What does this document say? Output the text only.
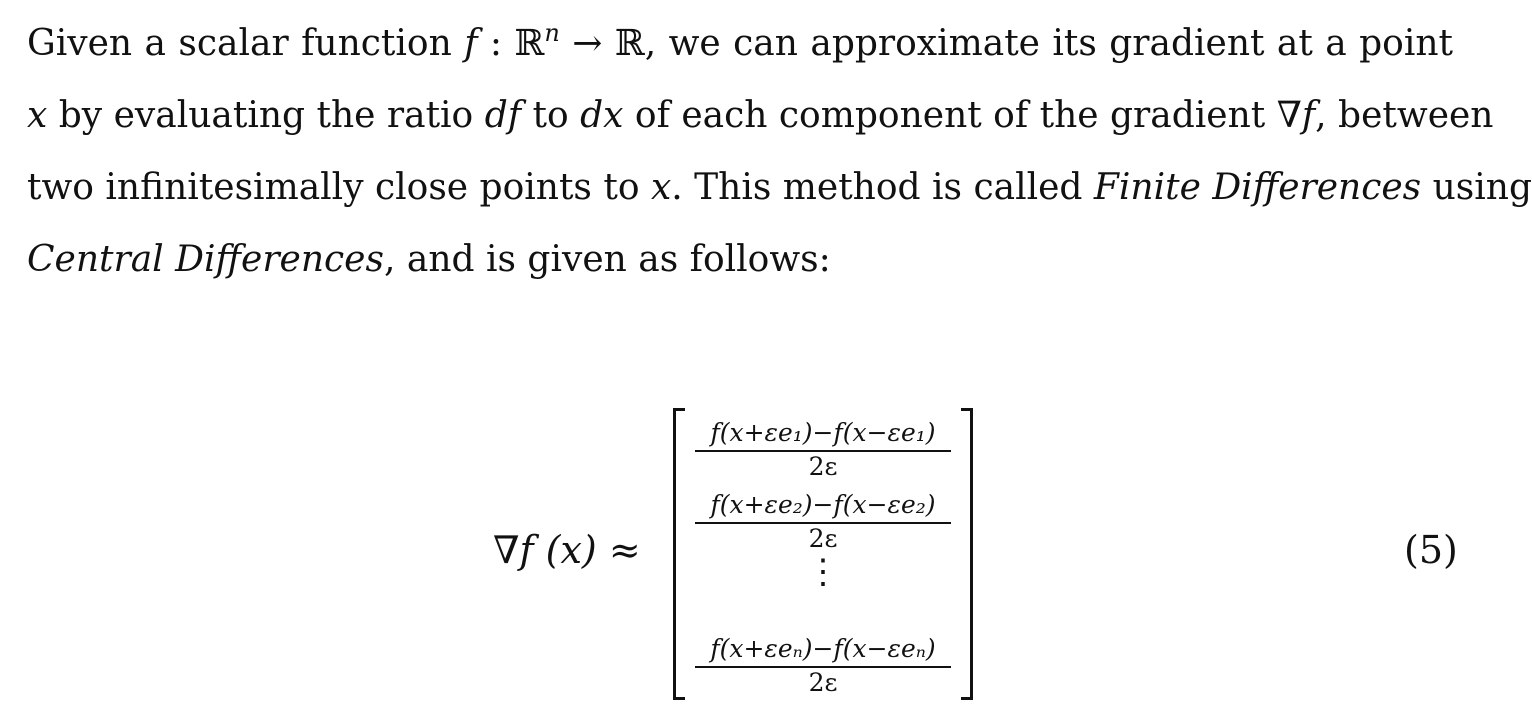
Given a scalar function f : ℝ$^n$ → ℝ, we can approximate its gradient at a point
x by evaluating the ratio df to dx of each component of the gradient ∇f, between
two infinitesimally close points to x. This method is called Finite Differences using
Central Differences, and is given as follows:
∇f (x) ≈
$\frac{\text{f(x+εe₁)−f(x−εe₁)}}{2\varepsilon}$
$\frac{\text{f(x+εe₂)−f(x−εe₂)}}{2\varepsilon}$
⋮
f(x+εeₙ)−f(x−εeₙ)
2ε
(5)
